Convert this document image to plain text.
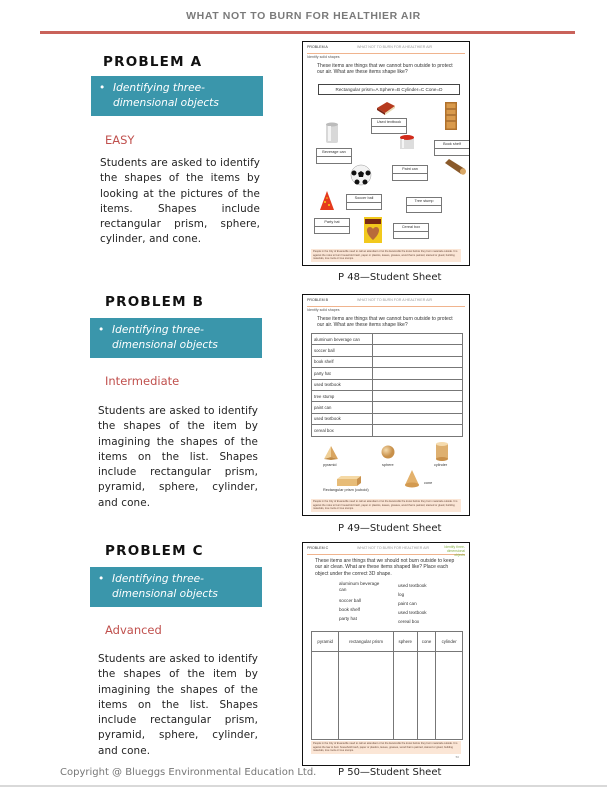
WHAT NOT TO BURN FOR HEALTHIER AIR
PROBLEM A
• Identifying three-
dimensional objects
EASY
Students are asked to identify the shapes of the items by looking at the pictures of the items. Shapes include rectangular prism, sphere, cylinder, and cone.
PROBLEM A	WHAT NOT TO BURN FOR A HEALTHIER AIR
Identify solid shapes
These items are things that we cannot burn outside to protect our air. What are these items shape like?
Rectangular prism=A Sphere=B Cylinder=C Cone=D
Used textbook
Book shelf
Beverage can
Paint can
Soccer ball
Tree stump
Party hat
Cereal box
People in the City of Evansville need to call an attendant or let the Evansville fire know before they burn materials outside. It is against the rules to burn household trash, paper or plastics, leaves, grasses, wood that is painted, stained or glued, building materials, tree roots or tree stumps.
P 48—Student Sheet
PROBLEM B
• Identifying three-
dimensional objects
Intermediate
Students are asked to identify the shapes of the item by imagining the shapes of the items on the list. Shapes include rectangular prism, pyramid, sphere, cylinder, and cone.
PROBLEM B	WHAT NOT TO BURN FOR A HEALTHIER AIR
Identify solid shapes
These items are things that we cannot burn outside to protect our air. What are these items shape like?
aluminum beverage can	
soccer ball	
book shelf	
party hat	
used textbook	
tree stump	
paint can	
used textbook	
cereal box	
pyramid	sphere	cylinder
Rectangular prism (cuboid)
cone
People in the City of Evansville need to call an attendant or let the Evansville fire know before they burn materials outside. It is against the rules to burn household trash, paper or plastics, leaves, grasses, wood that is painted, stained or glued, building materials, tree roots or tree stumps.
P 49—Student Sheet
PROBLEM C
• Identifying three-
dimensional objects
Advanced
Students are asked to identify the shapes of the item by imagining the shapes of the items on the list. Shapes include rectangular prism, pyramid, sphere, cylinder, and cone.
PROBLEM C	WHAT NOT TO BURN FOR HEALTHIER AIR	Identify three-dimensional objects
These items are things that we should not burn outside to keep our air clean. What are these items shaped like? Place each object under the correct 3D shape.
aluminum beverage can
soccer ball
book shelf
party hat
used textbook
log
paint can
used textbook
cereal box
pyramid	rectangular prism	sphere	cone	cylinder

People in the City of Evansville need to call an attendant or let the Evansville fire know before they burn materials outside. It is against the law to burn household trash, paper or plastics, leaves, grasses, wood that is painted, stained or glued, building materials, tree roots or tree stumps.
50
P 50—Student Sheet
Copyright @ Blueggs Environmental Education Ltd.
